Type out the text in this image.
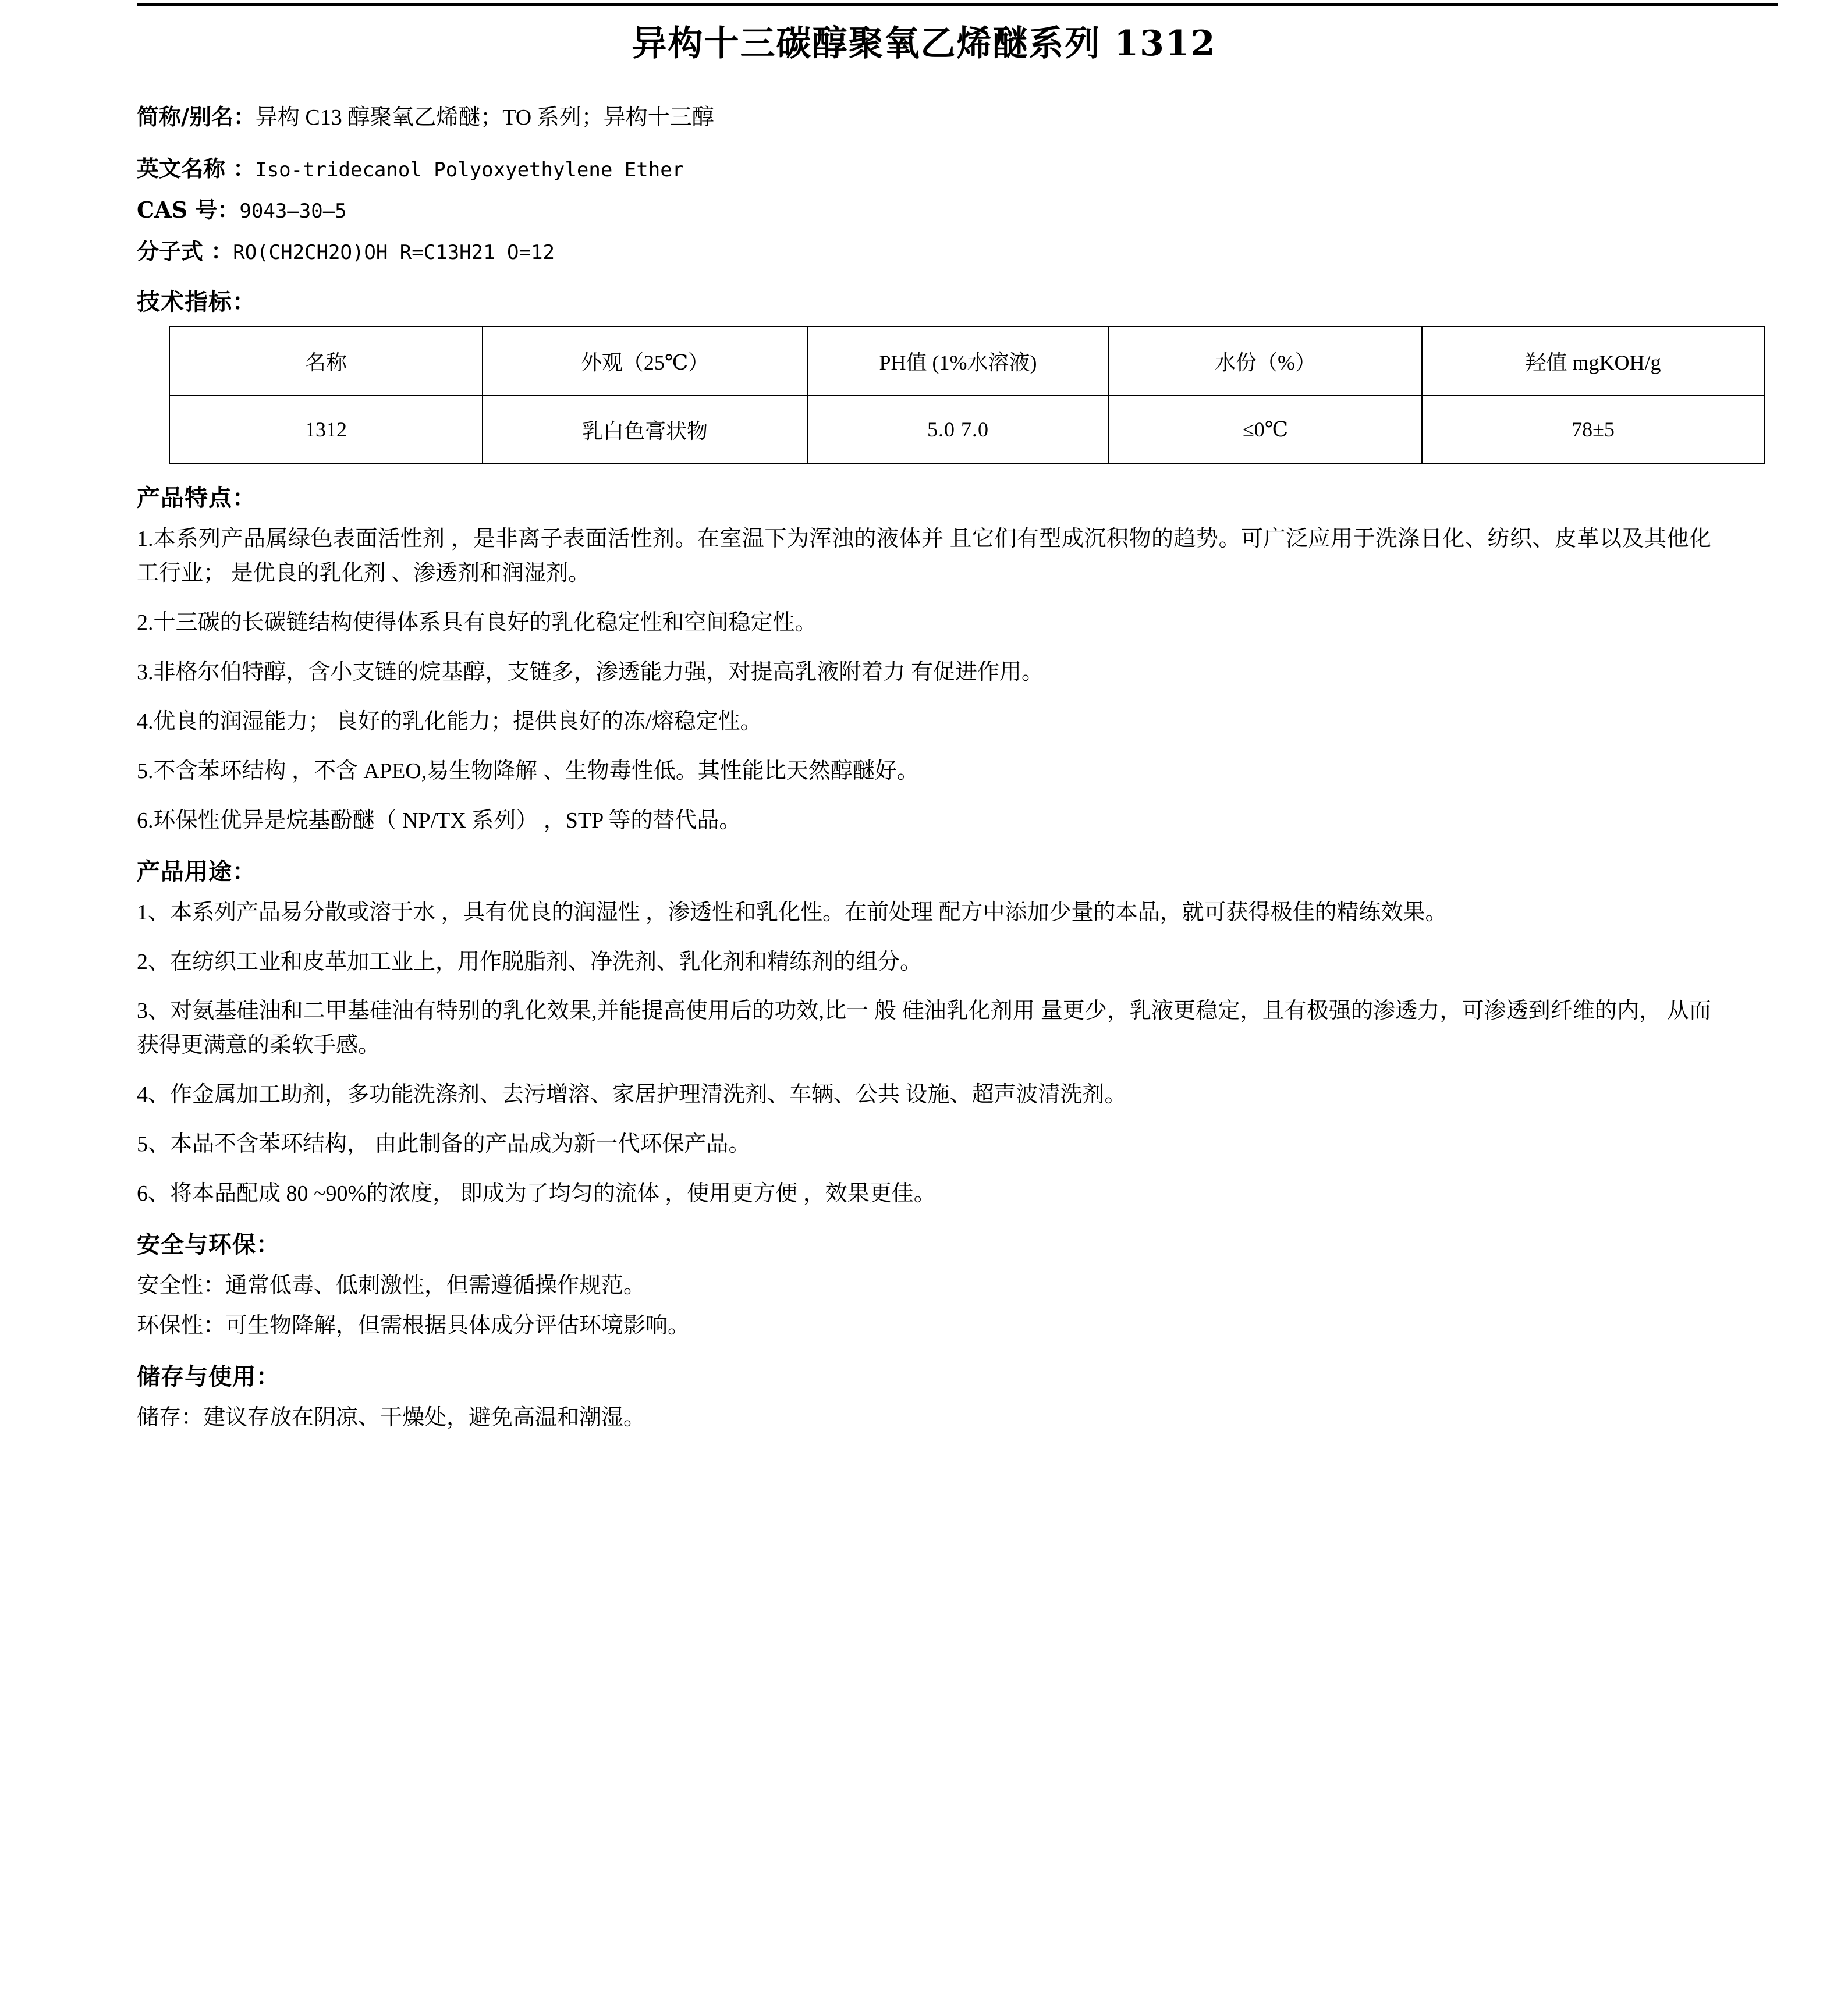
异构十三碳醇聚氧乙烯醚系列 1312
简称/别名：异构 C13 醇聚氧乙烯醚；TO 系列；异构十三醇
英文名称 ：Iso-tridecanol Polyoxyethylene Ether
CAS 号：9043—30—5
分子式 ：RO(CH2CH2O)OH R=C13H21 O=12
技术指标：
名称	外观（25℃）	PH值 (1%水溶液)	水份（%）	羟值 mgKOH/g
1312	乳白色膏状物	5.0 7.0	≤0℃	78±5
产品特点：

1.本系列产品属绿色表面活性剂 ，是非离子表面活性剂。在室温下为浑浊的液体并 且它们有型成沉积物的趋势。可广泛应用于洗涤日化、纺织、皮革以及其他化工行业； 是优良的乳化剂 、渗透剂和润湿剂。

2.十三碳的长碳链结构使得体系具有良好的乳化稳定性和空间稳定性。

3.非格尔伯特醇，含小支链的烷基醇，支链多，渗透能力强，对提高乳液附着力 有促进作用。

4.优良的润湿能力； 良好的乳化能力；提供良好的冻/熔稳定性。

5.不含苯环结构 ，不含 APEO,易生物降解 、生物毒性低。其性能比天然醇醚好。

6.环保性优异是烷基酚醚（ NP/TX 系列） ，STP 等的替代品。

产品用途：

1、本系列产品易分散或溶于水 ，具有优良的润湿性 ，渗透性和乳化性。在前处理 配方中添加少量的本品，就可获得极佳的精练效果。

2、在纺织工业和皮革加工业上，用作脱脂剂、净洗剂、乳化剂和精练剂的组分。

3、对氨基硅油和二甲基硅油有特别的乳化效果,并能提高使用后的功效,比一 般 硅油乳化剂用 量更少，乳液更稳定，且有极强的渗透力，可渗透到纤维的内， 从而获得更满意的柔软手感。

4、作金属加工助剂，多功能洗涤剂、去污增溶、家居护理清洗剂、车辆、公共 设施、超声波清洗剂。

5、本品不含苯环结构， 由此制备的产品成为新一代环保产品。

6、将本品配成 80 ~90%的浓度， 即成为了均匀的流体 ，使用更方便 ，效果更佳。

安全与环保：

安全性：通常低毒、低刺激性，但需遵循操作规范。

环保性：可生物降解，但需根据具体成分评估环境影响。

储存与使用：

储存：建议存放在阴凉、干燥处，避免高温和潮湿。
